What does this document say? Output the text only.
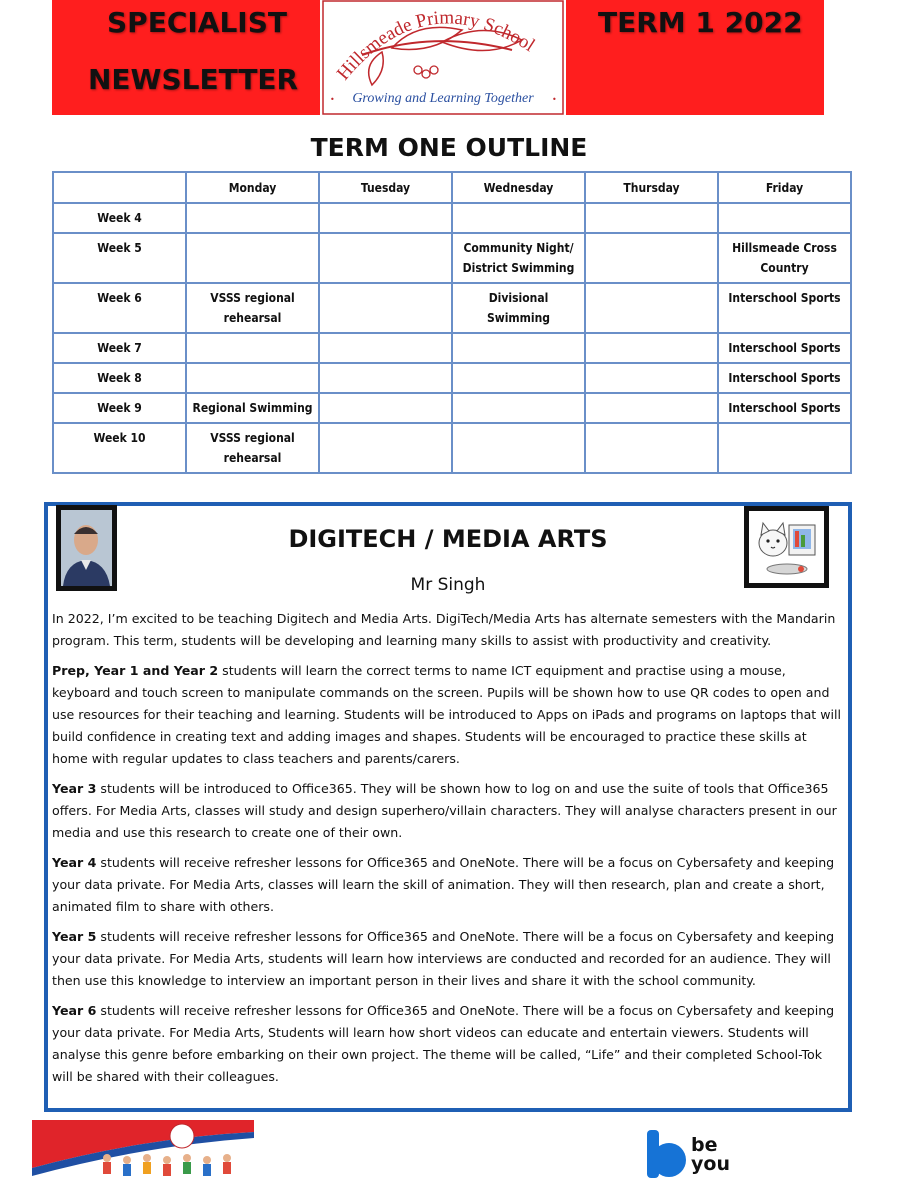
SPECIALIST
NEWSLETTER Hillsmeade Primary School
Growing and Learning Together
•	•
TERM 1 2022
TERM ONE OUTLINE
	Monday	Tuesday	Wednesday	Thursday	Friday
Week 4					
Week 5			Community Night/ District Swimming		Hillsmeade Cross Country
Week 6	VSSS regional rehearsal		Divisional Swimming		Interschool Sports
Week 7					Interschool Sports
Week 8					Interschool Sports
Week 9	Regional Swimming				Interschool Sports
Week 10	VSSS regional rehearsal				
DIGITECH / MEDIA ARTS
Mr Singh

In 2022, I’m excited to be teaching Digitech and Media Arts. DigiTech/Media Arts has alternate semesters with the Mandarin program. This term, students will be developing and learning many skills to assist with productivity and creativity.

Prep, Year 1 and Year 2 students will learn the correct terms to name ICT equipment and practise using a mouse, keyboard and touch screen to manipulate commands on the screen. Pupils will be shown how to use QR codes to open and use resources for their teaching and learning. Students will be introduced to Apps on iPads and programs on laptops that will build confidence in creating text and adding images and shapes. Students will be encouraged to practice these skills at home with regular updates to class teachers and parents/carers.

Year 3 students will be introduced to Office365. They will be shown how to log on and use the suite of tools that Office365 offers. For Media Arts, classes will study and design superhero/villain characters. They will analyse characters present in our media and use this research to create one of their own.

Year 4 students will receive refresher lessons for Office365 and OneNote. There will be a focus on Cybersafety and keeping your data private. For Media Arts, classes will learn the skill of animation. They will then research, plan and create a short, animated film to share with others.

Year 5 students will receive refresher lessons for Office365 and OneNote. There will be a focus on Cybersafety and keeping your data private. For Media Arts, students will learn how interviews are conducted and recorded for an audience. They will then use this knowledge to interview an important person in their lives and share it with the school community.

Year 6 students will receive refresher lessons for Office365 and OneNote. There will be a focus on Cybersafety and keeping your data private. For Media Arts, Students will learn how short videos can educate and entertain viewers. Students will analyse this genre before embarking on their own project. The theme will be called, “Life” and their completed School-Tok will be shared with their colleagues.

be
you
